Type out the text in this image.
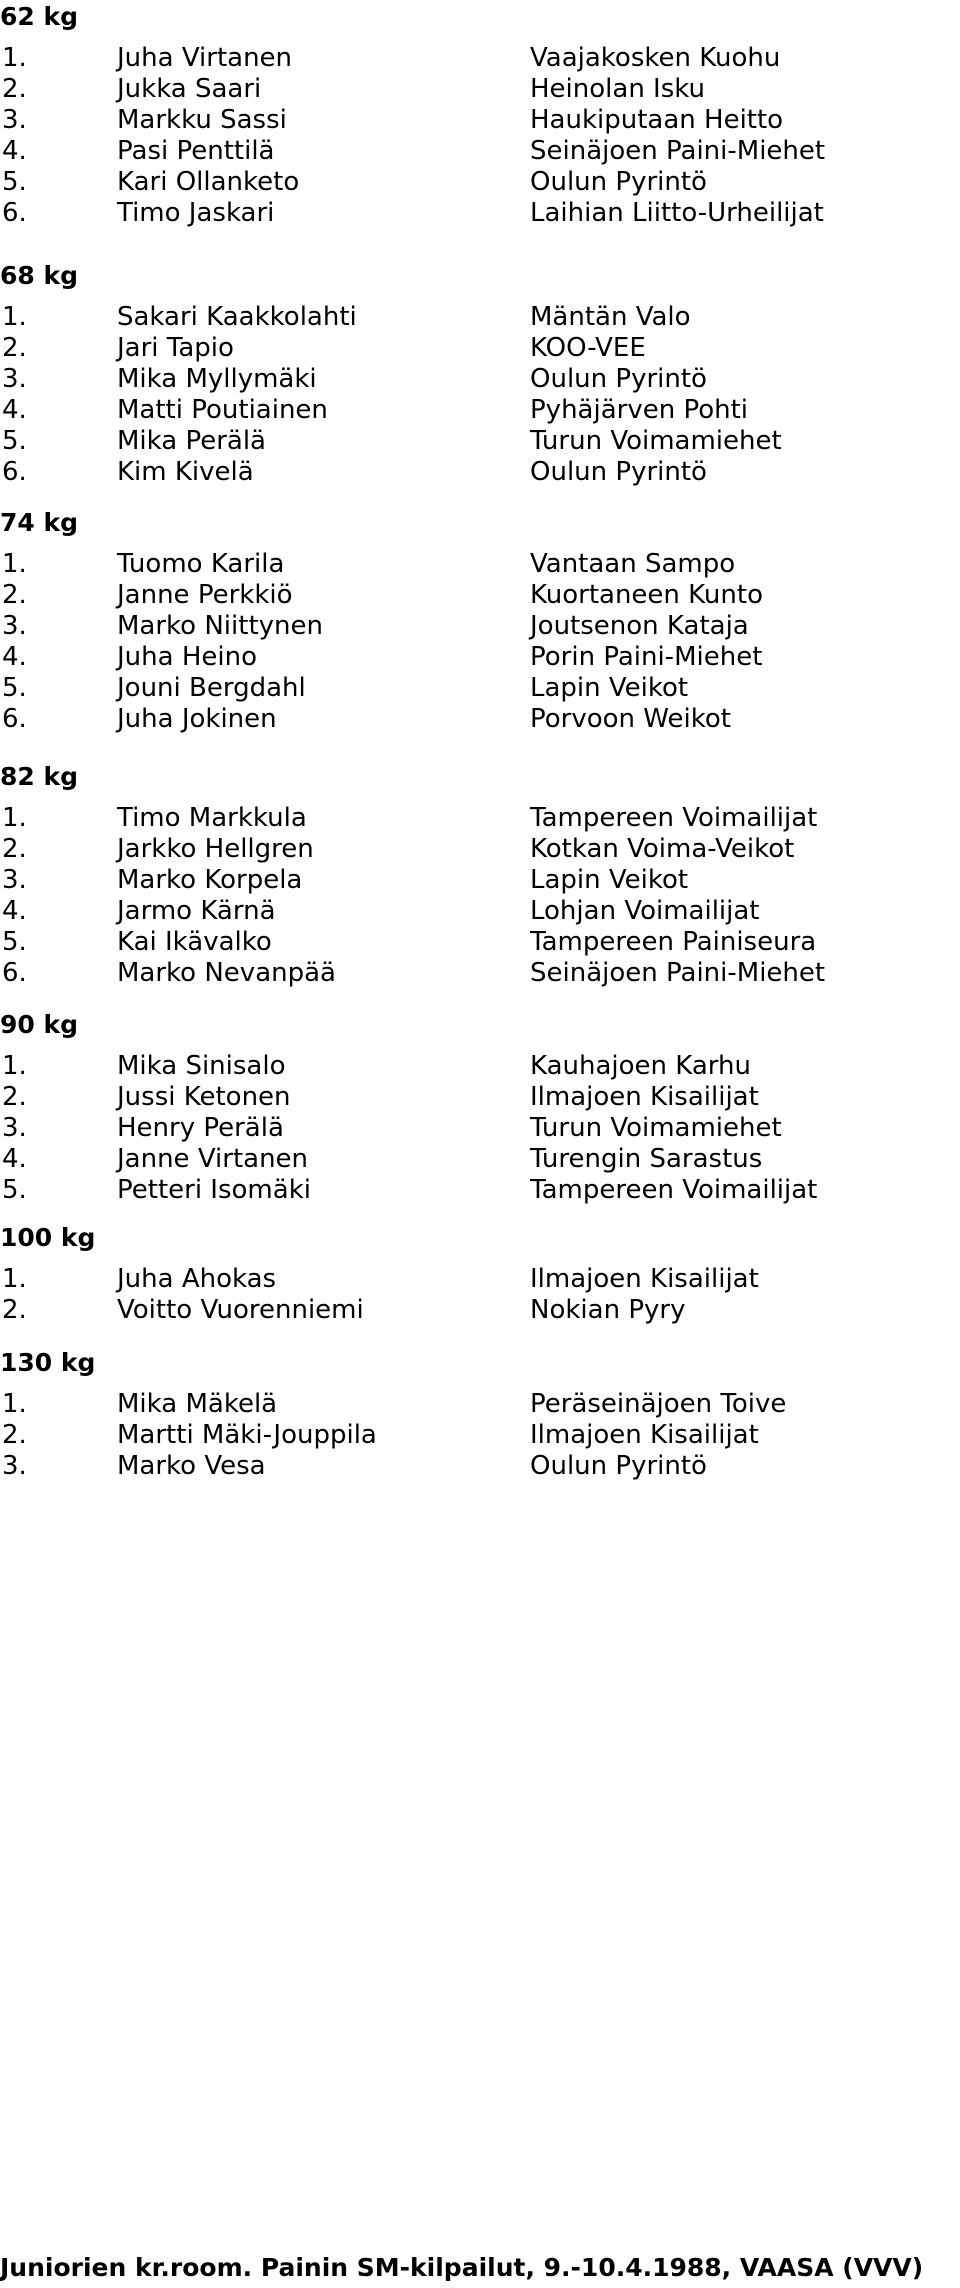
62 kg
1.	Juha Virtanen	Vaajakosken Kuohu
2.	Jukka Saari	Heinolan Isku
3.	Markku Sassi	Haukiputaan Heitto
4.	Pasi Penttilä	Seinäjoen Paini-Miehet
5.	Kari Ollanketo	Oulun Pyrintö
6.	Timo Jaskari	Laihian Liitto-Urheilijat
68 kg
1.	Sakari Kaakkolahti	Mäntän Valo
2.	Jari Tapio	KOO-VEE
3.	Mika Myllymäki	Oulun Pyrintö
4.	Matti Poutiainen	Pyhäjärven Pohti
5.	Mika Perälä	Turun Voimamiehet
6.	Kim Kivelä	Oulun Pyrintö
74 kg
1.	Tuomo Karila	Vantaan Sampo
2.	Janne Perkkiö	Kuortaneen Kunto
3.	Marko Niittynen	Joutsenon Kataja
4.	Juha Heino	Porin Paini-Miehet
5.	Jouni Bergdahl	Lapin Veikot
6.	Juha Jokinen	Porvoon Weikot
82 kg
1.	Timo Markkula	Tampereen Voimailijat
2.	Jarkko Hellgren	Kotkan Voima-Veikot
3.	Marko Korpela	Lapin Veikot
4.	Jarmo Kärnä	Lohjan Voimailijat
5.	Kai Ikävalko	Tampereen Painiseura
6.	Marko Nevanpää	Seinäjoen Paini-Miehet
90 kg
1.	Mika Sinisalo	Kauhajoen Karhu
2.	Jussi Ketonen	Ilmajoen Kisailijat
3.	Henry Perälä	Turun Voimamiehet
4.	Janne Virtanen	Turengin Sarastus
5.	Petteri Isomäki	Tampereen Voimailijat
100 kg
1.	Juha Ahokas	Ilmajoen Kisailijat
2.	Voitto Vuorenniemi	Nokian Pyry
130 kg
1.	Mika Mäkelä	Peräseinäjoen Toive
2.	Martti Mäki-Jouppila	Ilmajoen Kisailijat
3.	Marko Vesa	Oulun Pyrintö
Juniorien kr.room. Painin SM-kilpailut, 9.-10.4.1988, VAASA (VVV)
